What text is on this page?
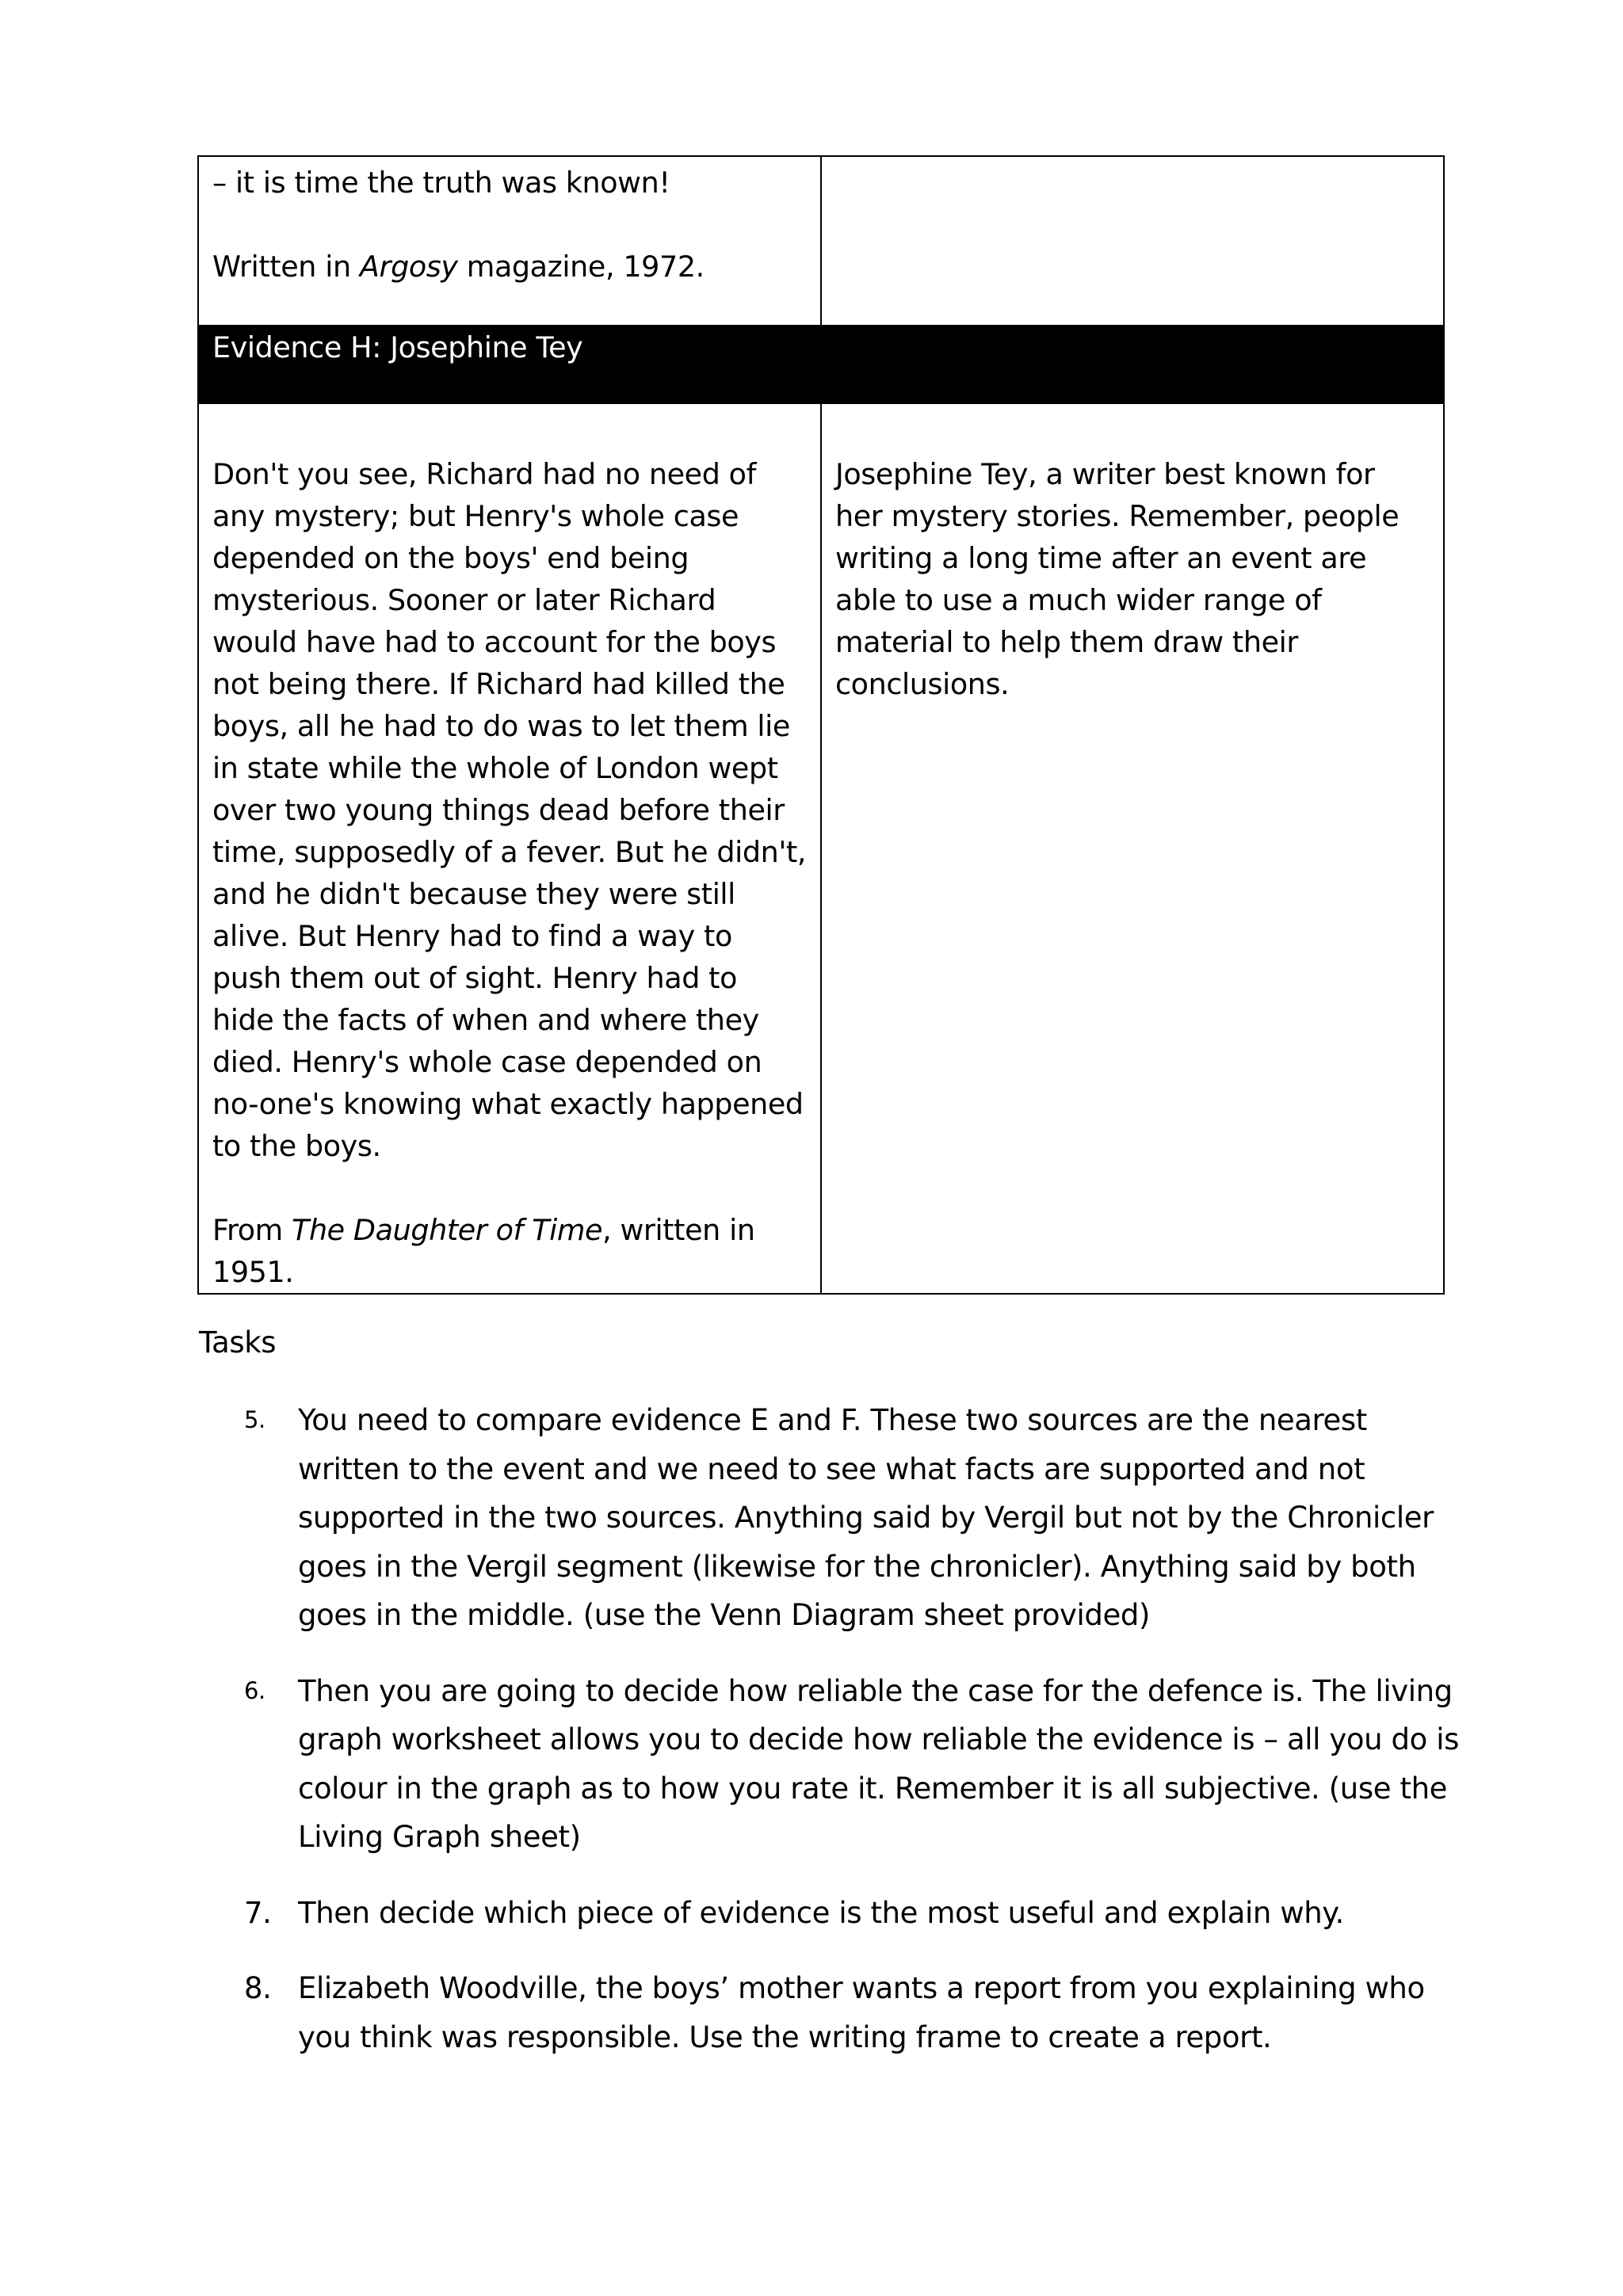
– it is time the truth was known!

Written in Argosy magazine, 1972.	

Evidence H: Josephine Tey	

Don't you see, Richard had no need of any mystery; but Henry's whole case depended on the boys' end being mysterious. Sooner or later Richard would have had to account for the boys not being there. If Richard had killed the boys, all he had to do was to let them lie in state while the whole of London wept over two young things dead before their time, supposedly of a fever. But he didn't, and he didn't because they were still alive. But Henry had to find a way to push them out of sight. Henry had to hide the facts of when and where they died. Henry's whole case depended on no-one's knowing what exactly happened to the boys.

From The Daughter of Time, written in 1951.	Josephine Tey, a writer best known for her mystery stories. Remember, people writing a long time after an event are able to use a much wider range of material to help them draw their conclusions.

Tasks
5. You need to compare evidence E and F. These two sources are the nearest written to the event and we need to see what facts are supported and not supported in the two sources. Anything said by Vergil but not by the Chronicler goes in the Vergil segment (likewise for the chronicler). Anything said by both goes in the middle. (use the Venn Diagram sheet provided)
6. Then you are going to decide how reliable the case for the defence is. The living graph worksheet allows you to decide how reliable the evidence is – all you do is colour in the graph as to how you rate it. Remember it is all subjective. (use the Living Graph sheet)
7. Then decide which piece of evidence is the most useful and explain why.
8. Elizabeth Woodville, the boys’ mother wants a report from you explaining who you think was responsible. Use the writing frame to create a report.
